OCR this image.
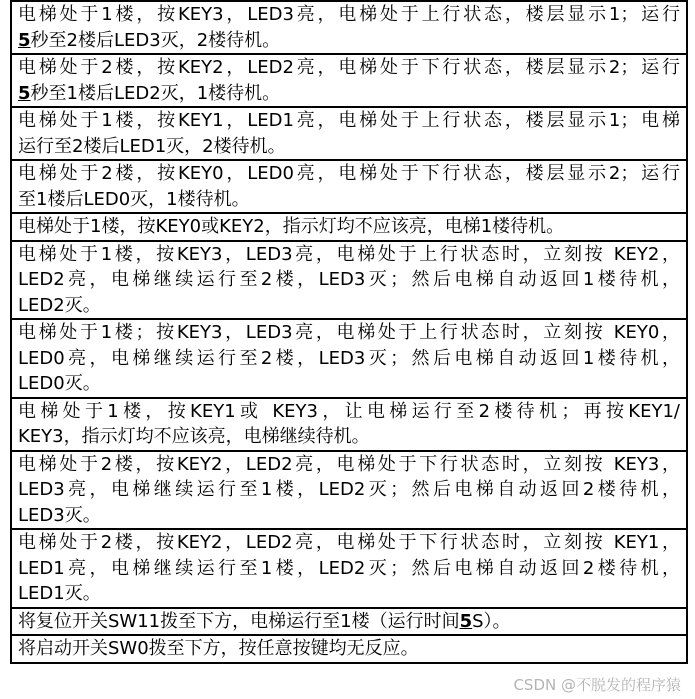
电梯处于1楼，按KEY3，LED3亮，电梯处于上行状态，楼层显示1；运行
5秒至2楼后LED3灭，2楼待机。
电梯处于2楼，按KEY2，LED2亮，电梯处于下行状态，楼层显示2；运行
5秒至1楼后LED2灭，1楼待机。
电梯处于1楼，按KEY1，LED1亮，电梯处于上行状态，楼层显示1；电梯
运行至2楼后LED1灭，2楼待机。
电梯处于2楼，按KEY0，LED0亮，电梯处于下行状态，楼层显示2；运行
至1楼后LED0灭，1楼待机。
电梯处于1楼，按KEY0或KEY2，指示灯均不应该亮，电梯1楼待机。
电梯处于1楼，按KEY3，LED3亮，电梯处于上行状态时，立刻按 KEY2，
LED2亮，电梯继续运行至2楼，LED3灭；然后电梯自动返回1楼待机，
LED2灭。
电梯处于1楼；按KEY3，LED3亮，电梯处于上行状态时，立刻按 KEY0，
LED0亮，电梯继续运行至2楼，LED3灭；然后电梯自动返回1楼待机，
LED0灭。
电梯处于1楼，按KEY1或 KEY3，让电梯运行至2楼待机；再按KEY1/
KEY3，指示灯均不应该亮，电梯继续待机。
电梯处于2楼，按KEY2，LED2亮，电梯处于下行状态时，立刻按 KEY3，
LED3亮，电梯继续运行至1楼，LED2灭；然后电梯自动返回2楼待机，
LED3灭。
电梯处于2楼，按KEY2，LED2亮，电梯处于下行状态时，立刻按 KEY1，
LED1亮，电梯继续运行至1楼，LED2灭；然后电梯自动返回2楼待机，
LED1灭。
将复位开关SW11拨至下方，电梯运行至1楼（运行时间5S）。
将启动开关SW0拨至下方，按任意按键均无反应。
CSDN @不脱发的程序猿
